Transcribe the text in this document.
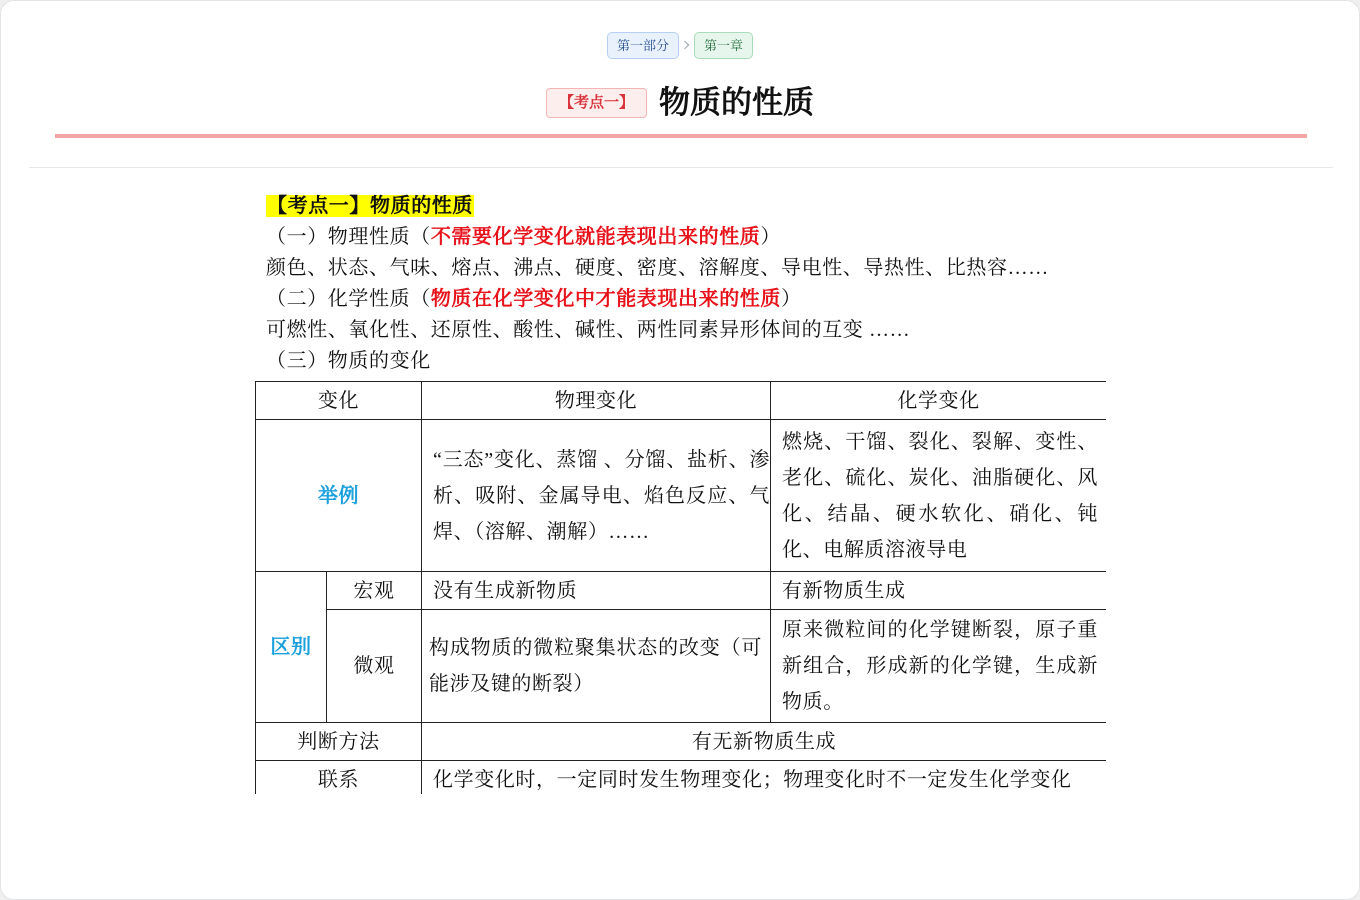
第一部分	第一章
【考点一】 物质的性质

【考点一】物质的性质

（一）物理性质（不需要化学变化就能表现出来的性质）

颜色、状态、气味、熔点、沸点、硬度、密度、溶解度、导电性、导热性、比热容……

（二）化学性质（物质在化学变化中才能表现出来的性质）

可燃性、氧化性、还原性、酸性、碱性、两性同素异形体间的互变 ……

（三）物质的变化

变化		物理变化	化学变化
举例		“三态”变化、蒸馏 、分馏、盐析、渗析、吸附、金属导电、焰色反应、气焊、（溶解、潮解）……	燃烧、干馏、裂化、裂解、变性、老化、硫化、炭化、油脂硬化、风化、结晶、硬水软化、硝化、钝化、电解质溶液导电
区别	宏观	没有生成新物质	有新物质生成
	微观	构成物质的微粒聚集状态的改变（可能涉及键的断裂）	原来微粒间的化学键断裂，原子重新组合，形成新的化学键，生成新物质。
判断方法		有无新物质生成	
联系		化学变化时，一定同时发生物理变化；物理变化时不一定发生化学变化	
